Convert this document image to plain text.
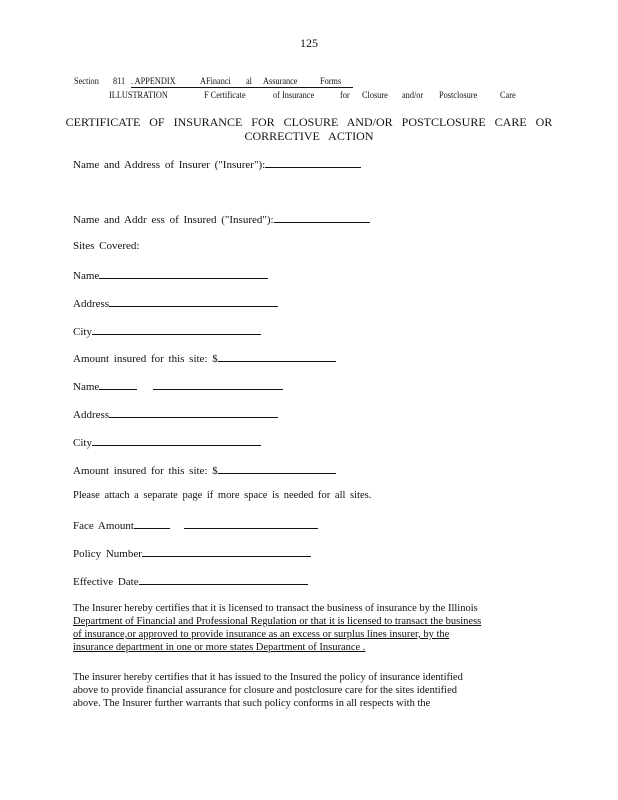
125
Section 811 . APPENDIX	AFinanci al Assurance	Forms
ILLUSTRATION	F Certificate	of Insurance	for Closure and/or Postclosure	Care
CERTIFICATE OF INSURANCE FOR CLOSURE AND/OR POSTCLOSURE CARE OR
CORRECTIVE ACTION
Name and Address of Insurer ("Insurer"):
Name and Addr ess of Insured ("Insured"):
Sites Covered:
Name
Address
City
Amount insured for this site: $
Name
Address
City
Amount insured for this site: $
Please attach a separate page if more space is needed for all sites.
Face Amount
Policy Number
Effective Date
The Insurer hereby certifies that it is licensed to transact the business of insurance by the Illinois
Department of Financial and Professional Regulation or that it is licensed to transact the business
of insurance,or approved to provide insurance as an excess or surplus lines insurer, by the
insurance department in one or more states Department of Insurance .
The insurer hereby certifies that it has issued to the Insured the policy of insurance identified
above to provide financial assurance for closure and postclosure care for the sites identified
above. The Insurer further warrants that such policy conforms in all respects with the
